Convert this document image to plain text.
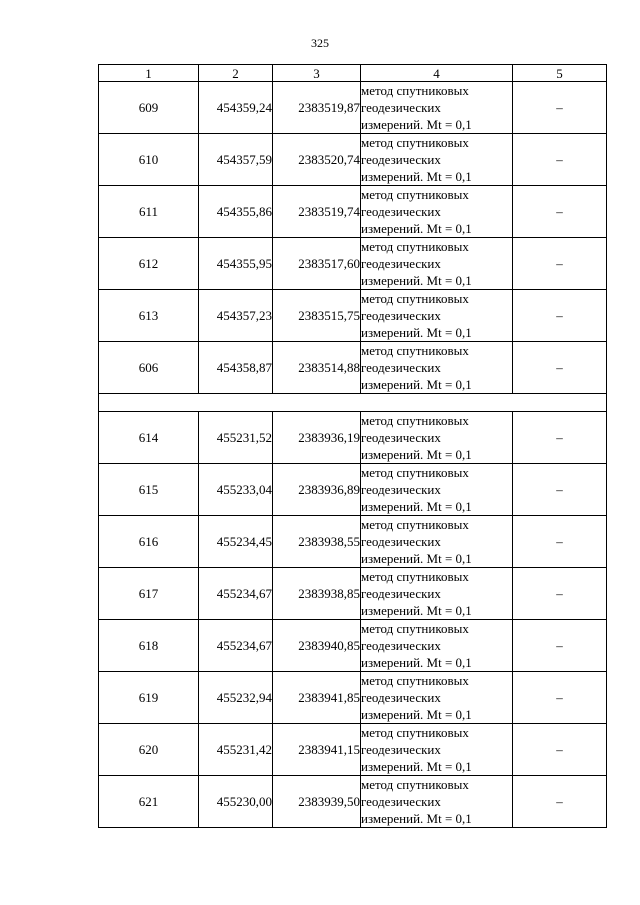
325
1	2	3	4	5
609	454359,24	2383519,87	метод спутниковых
геодезических
измерений. Mt = 0,1	–
610	454357,59	2383520,74	метод спутниковых
геодезических
измерений. Mt = 0,1	–
611	454355,86	2383519,74	метод спутниковых
геодезических
измерений. Mt = 0,1	–
612	454355,95	2383517,60	метод спутниковых
геодезических
измерений. Mt = 0,1	–
613	454357,23	2383515,75	метод спутниковых
геодезических
измерений. Mt = 0,1	–
606	454358,87	2383514,88	метод спутниковых
геодезических
измерений. Mt = 0,1	–

614	455231,52	2383936,19	метод спутниковых
геодезических
измерений. Mt = 0,1	–
615	455233,04	2383936,89	метод спутниковых
геодезических
измерений. Mt = 0,1	–
616	455234,45	2383938,55	метод спутниковых
геодезических
измерений. Mt = 0,1	–
617	455234,67	2383938,85	метод спутниковых
геодезических
измерений. Mt = 0,1	–
618	455234,67	2383940,85	метод спутниковых
геодезических
измерений. Mt = 0,1	–
619	455232,94	2383941,85	метод спутниковых
геодезических
измерений. Mt = 0,1	–
620	455231,42	2383941,15	метод спутниковых
геодезических
измерений. Mt = 0,1	–
621	455230,00	2383939,50	метод спутниковых
геодезических
измерений. Mt = 0,1	–
